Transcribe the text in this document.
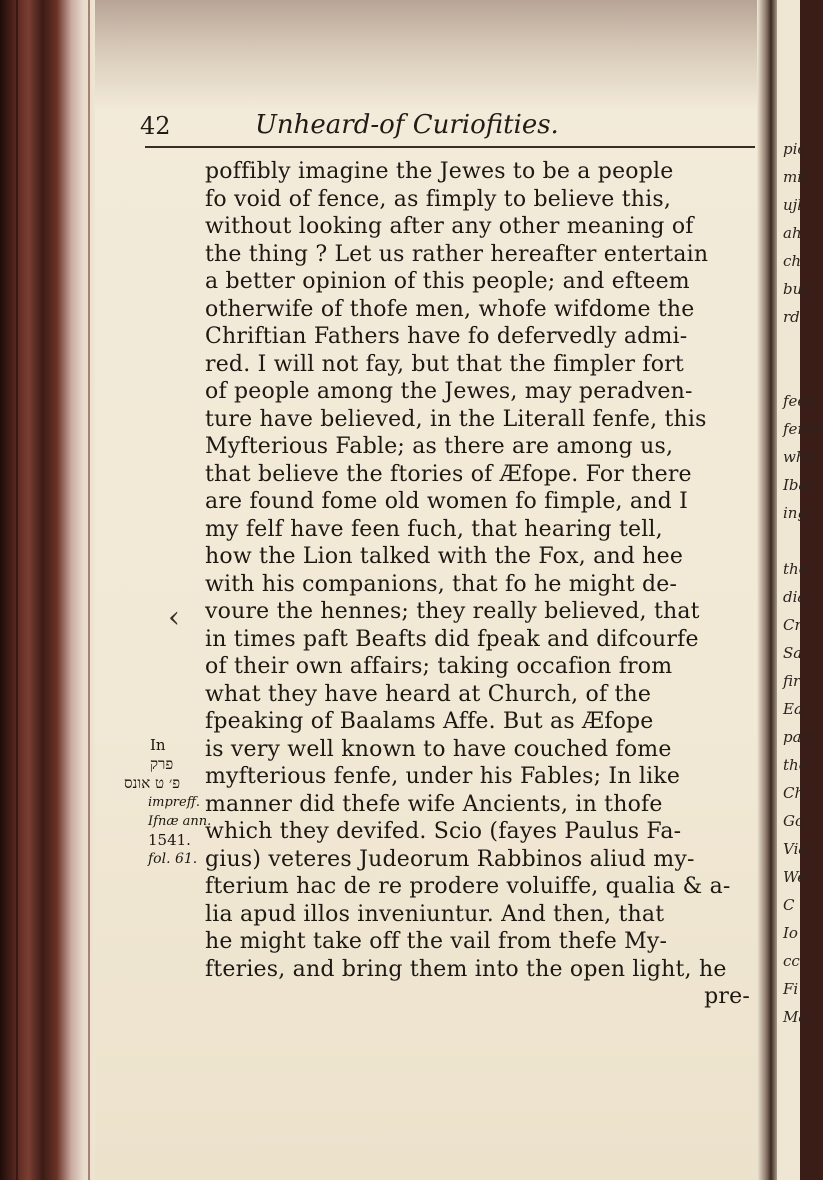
pic
mil
ujl
ah
ch
bus
rd
fees
feren
who
Ibal
ing
the
dia
Cr
Sa
fir
Ea
pan
the
Ch
Go
Via
We
C
Io
cc
Fi
Ma
42	Unheard-of Curiofities.
poffibly imagine the Jewes to be a people
fo void of fence, as fimply to believe this,
without looking after any other meaning of
the thing ? Let us rather hereafter entertain
a better opinion of this people; and efteem
otherwife of thofe men, whofe wifdome the
Chriftian Fathers have fo defervedly admi-
red. I will not fay, but that the fimpler fort
of people among the Jewes, may peradven-
ture have believed, in the Literall fenfe, this
Myfterious Fable; as there are among us,
that believe the ftories of Æfope. For there
are found fome old women fo fimple, and I
my felf have feen fuch, that hearing tell,
how the Lion talked with the Fox, and hee
with his companions, that fo he might de-
voure the hennes; they really believed, that
in times paft Beafts did fpeak and difcourfe
of their own affairs; taking occafion from
what they have heard at Church, of the
fpeaking of Baalams Affe. But as Æfope
is very well known to have couched fome
myfterious fenfe, under his Fables; In like
manner did thefe wife Ancients, in thofe
which they devifed. Scio (fayes Paulus Fa-
gius) veteres Judeorum Rabbinos aliud my-
fterium hac de re prodere voluiffe, qualia & a-
lia apud illos inveniuntur. And then, that
he might take off the vail from thefe My-
fteries, and bring them into the open light, he
pre-
In
פרק
פ׳ ט אונס
impreff.
Ifnæ ann.
1541.
fol. 61.
‹
